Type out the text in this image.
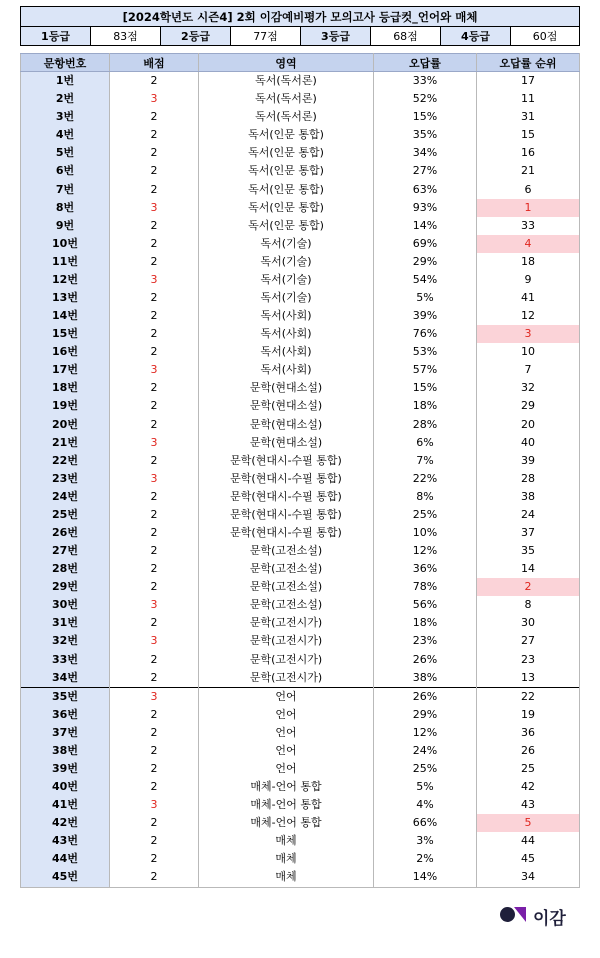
[2024학년도 시즌4] 2회 이감예비평가 모의고사 등급컷_언어와 매체
1등급	83점	2등급	77점	3등급	68점	4등급	60점
문항번호	배점	영역	오답률	오답률 순위
1번	2	독서(독서론)	33%	17
2번	3	독서(독서론)	52%	11
3번	2	독서(독서론)	15%	31
4번	2	독서(인문 통합)	35%	15
5번	2	독서(인문 통합)	34%	16
6번	2	독서(인문 통합)	27%	21
7번	2	독서(인문 통합)	63%	6
8번	3	독서(인문 통합)	93%	1
9번	2	독서(인문 통합)	14%	33
10번	2	독서(기술)	69%	4
11번	2	독서(기술)	29%	18
12번	3	독서(기술)	54%	9
13번	2	독서(기술)	5%	41
14번	2	독서(사회)	39%	12
15번	2	독서(사회)	76%	3
16번	2	독서(사회)	53%	10
17번	3	독서(사회)	57%	7
18번	2	문학(현대소설)	15%	32
19번	2	문학(현대소설)	18%	29
20번	2	문학(현대소설)	28%	20
21번	3	문학(현대소설)	6%	40
22번	2	문학(현대시-수필 통합)	7%	39
23번	3	문학(현대시-수필 통합)	22%	28
24번	2	문학(현대시-수필 통합)	8%	38
25번	2	문학(현대시-수필 통합)	25%	24
26번	2	문학(현대시-수필 통합)	10%	37
27번	2	문학(고전소설)	12%	35
28번	2	문학(고전소설)	36%	14
29번	2	문학(고전소설)	78%	2
30번	3	문학(고전소설)	56%	8
31번	2	문학(고전시가)	18%	30
32번	3	문학(고전시가)	23%	27
33번	2	문학(고전시가)	26%	23
34번	2	문학(고전시가)	38%	13
35번	3	언어	26%	22
36번	2	언어	29%	19
37번	2	언어	12%	36
38번	2	언어	24%	26
39번	2	언어	25%	25
40번	2	매체-언어 통합	5%	42
41번	3	매체-언어 통합	4%	43
42번	2	매체-언어 통합	66%	5
43번	2	매체	3%	44
44번	2	매체	2%	45
45번	2	매체	14%	34
이감
